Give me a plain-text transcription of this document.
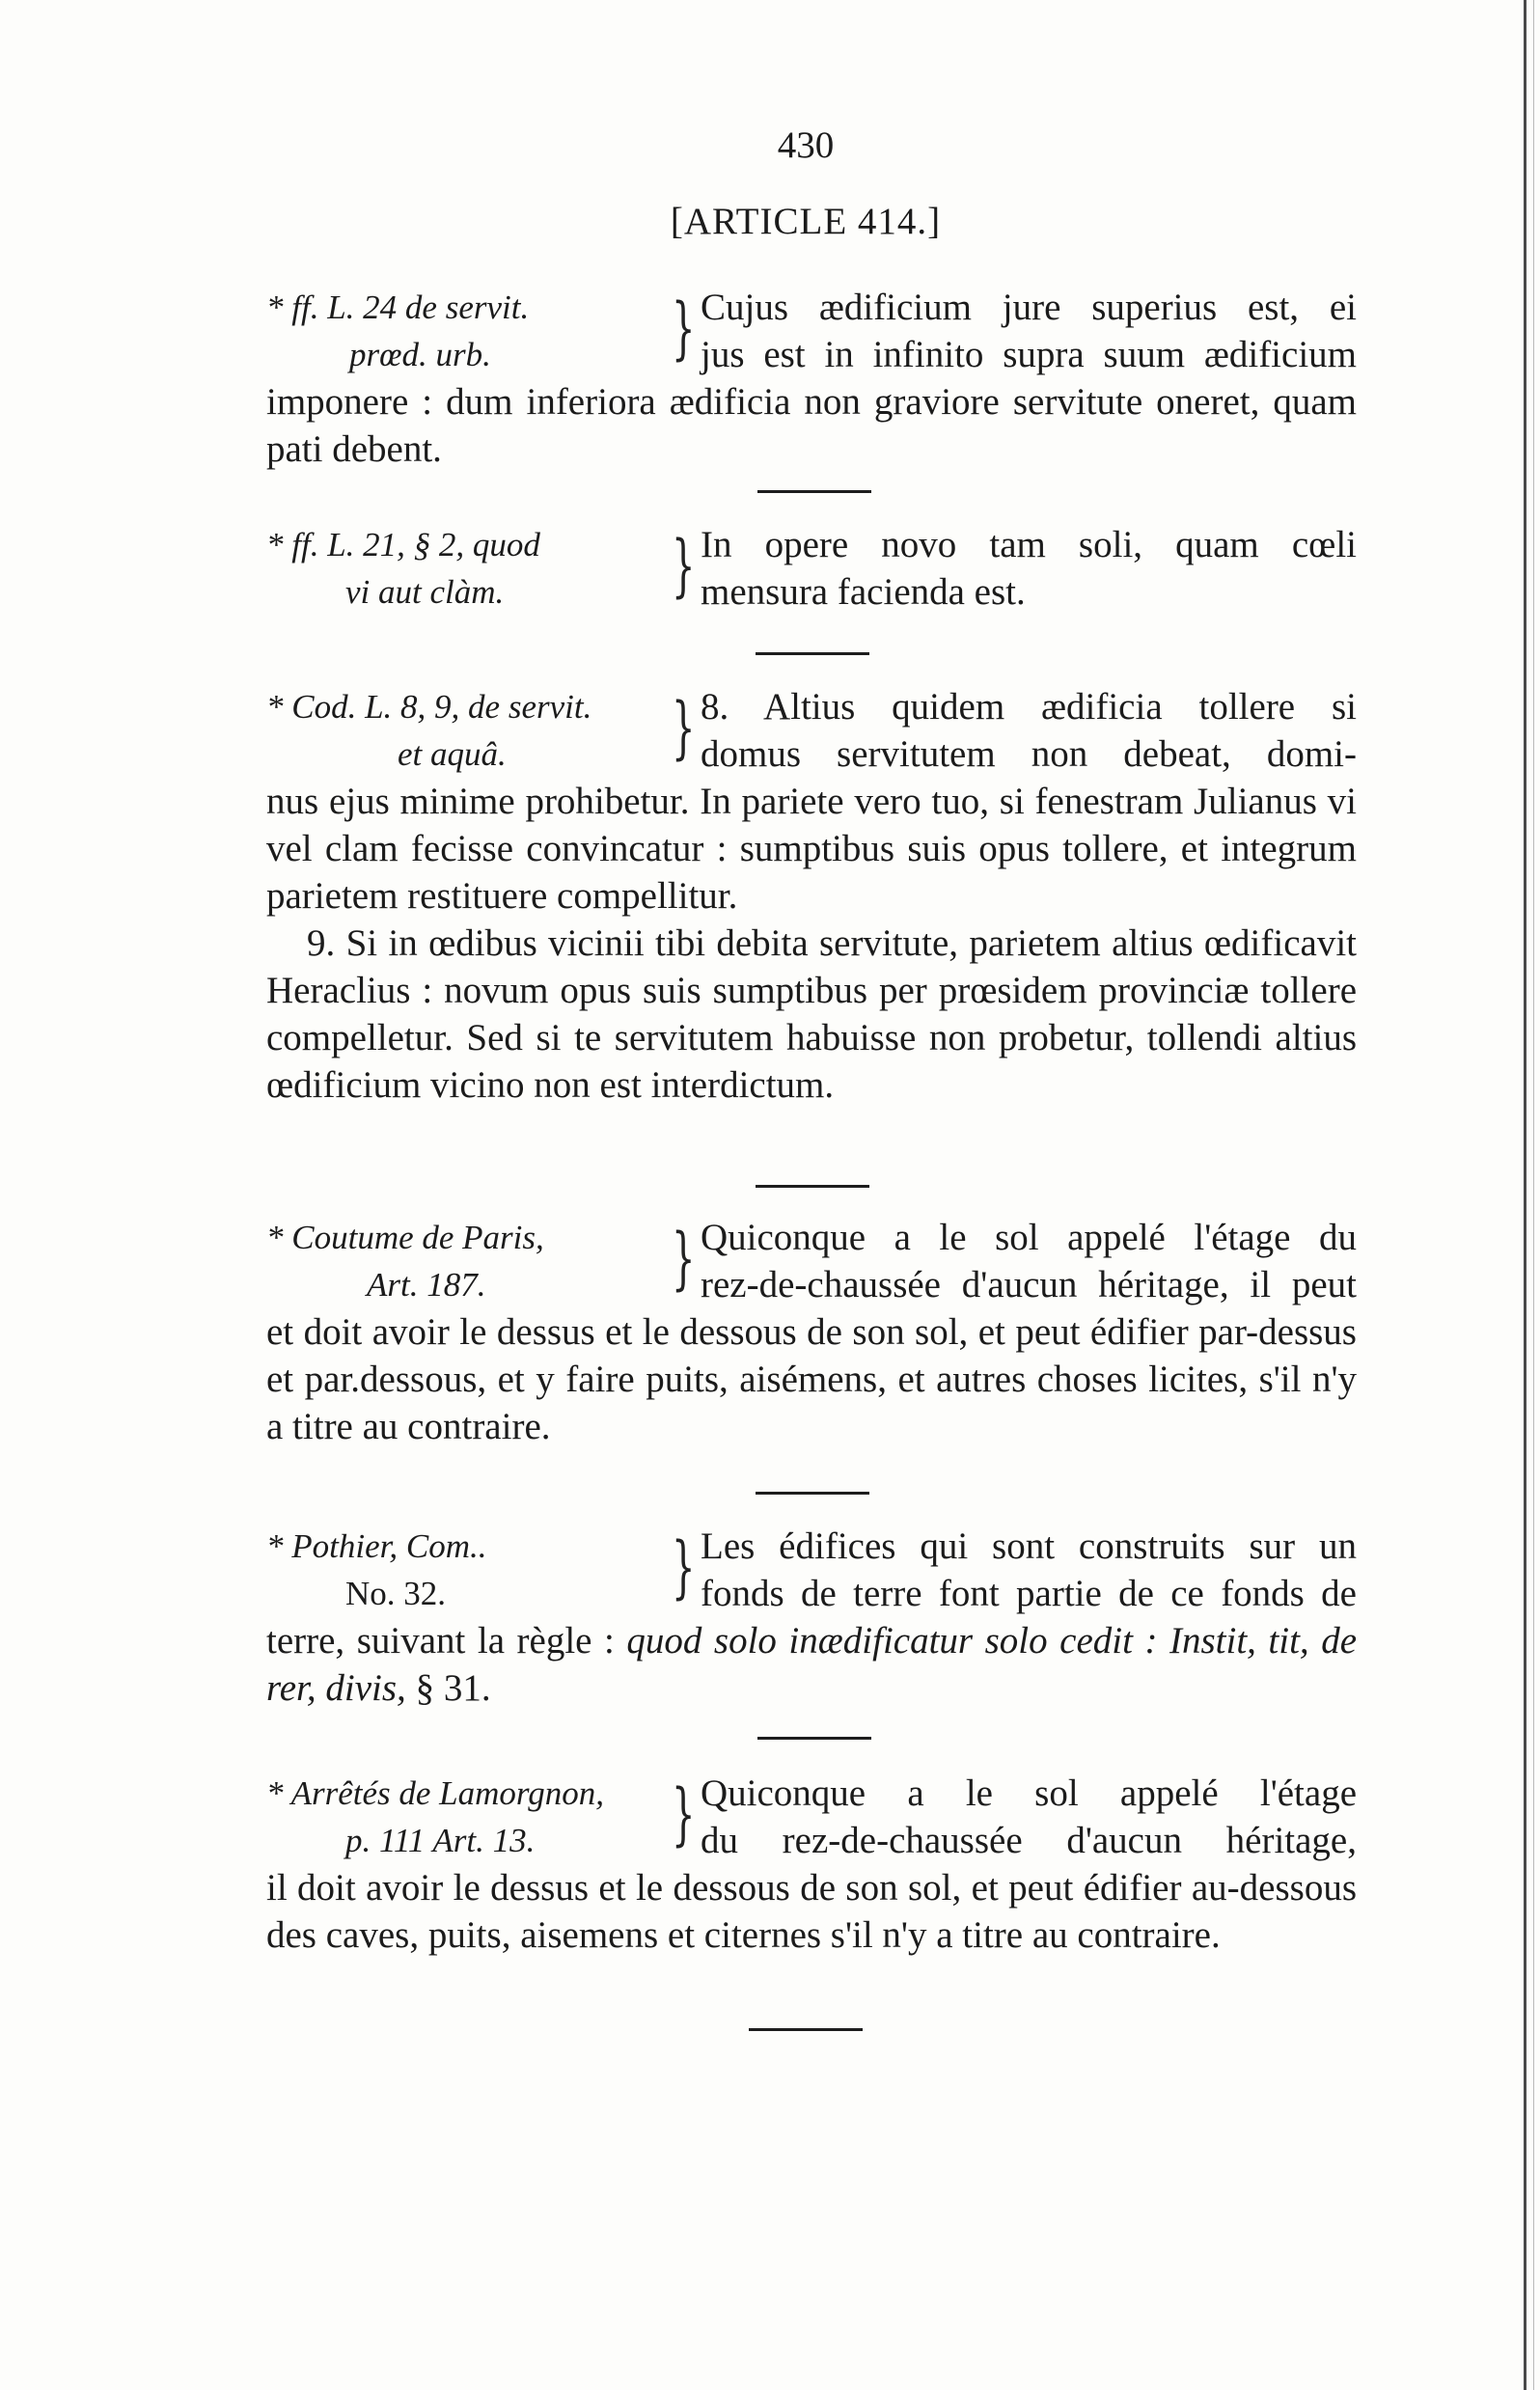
430
[ARTICLE 414.]
* ff. L. 24 de servit.
prœd. urb.	} Cujus ædificium jure superius est, ei
jus est in infinito supra suum ædificium
imponere : dum inferiora ædificia non graviore servitute oneret, quam pati debent.
* ff. L. 21, § 2, quod
vi aut clàm.	} In opere novo tam soli, quam cœli
mensura facienda est.
* Cod. L. 8, 9, de servit.
et aquâ.	} 8. Altius quidem ædificia tollere si
domus servitutem non debeat, domi-

nus ejus minime prohibetur. In pariete vero tuo, si fenestram Julianus vi vel clam fecisse convincatur : sumptibus suis opus tollere, et integrum parietem restituere compellitur.

9. Si in œdibus vicinii tibi debita servitute, parietem altius œdificavit Heraclius : novum opus suis sumptibus per prœsidem provinciæ tollere compelletur. Sed si te servitutem habuisse non probetur, tollendi altius œdificium vicino non est interdictum.

* Coutume de Paris,
Art. 187.	} Quiconque a le sol appelé l'étage du
rez-de-chaussée d'aucun héritage, il peut
et doit avoir le dessus et le dessous de son sol, et peut édifier par-dessus et par.dessous, et y faire puits, aisémens, et autres choses licites, s'il n'y a titre au contraire.
* Pothier, Com..
No. 32.	} Les édifices qui sont construits sur un
fonds de terre font partie de ce fonds de
terre, suivant la règle : quod solo inædificatur solo cedit : Instit, tit, de rer, divis, § 31.
* Arrêtés de Lamorgnon,
p. 111 Art. 13.	} Quiconque a le sol appelé l'étage
du rez-de-chaussée d'aucun héritage,
il doit avoir le dessus et le dessous de son sol, et peut édifier au-dessous des caves, puits, aisemens et citernes s'il n'y a titre au contraire.
